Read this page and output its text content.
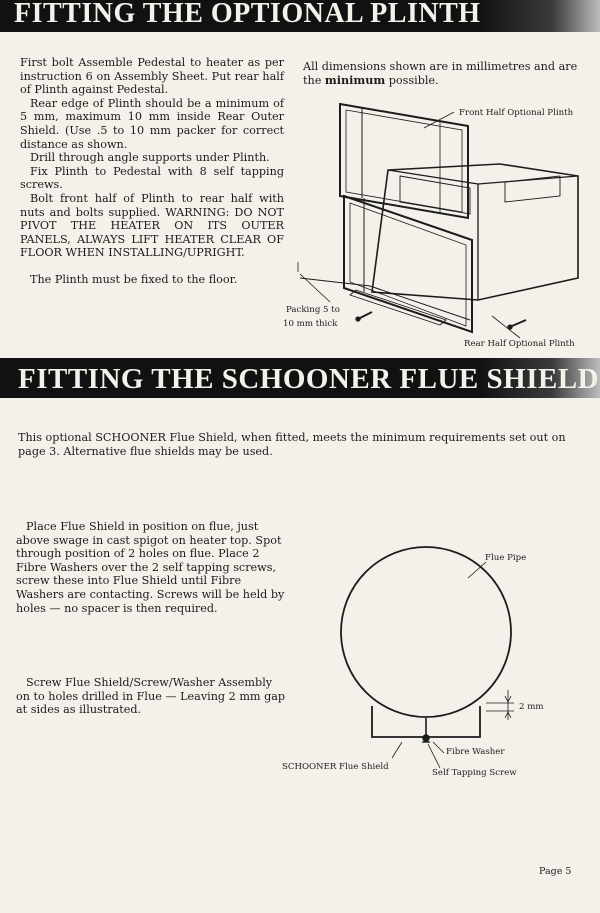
FITTING THE OPTIONAL PLINTH

First bolt Assemble Pedestal to heater as per instruction 6 on Assembly Sheet. Put rear half of Plinth against Pedestal.

Rear edge of Plinth should be a minimum of 5 mm, maximum 10 mm inside Rear Outer Shield. (Use .5 to 10 mm packer for correct distance as shown.

Drill through angle supports under Plinth.

Fix Plinth to Pedestal with 8 self tapping screws.

Bolt front half of Plinth to rear half with nuts and bolts supplied. WARNING: DO NOT PIVOT THE HEATER ON ITS OUTER PANELS, ALWAYS LIFT HEATER CLEAR OF FLOOR WHEN INSTALLING/UPRIGHT.

The Plinth must be fixed to the floor.

All dimensions shown are in millimetres and are the minimum possible.
Front Half Optional Plinth
Packing 5 to
10 mm thick
Rear Half Optional Plinth
FITTING THE SCHOONER FLUE SHIELD
This optional SCHOONER Flue Shield, when fitted, meets the minimum requirements set out on page 3. Alternative flue shields may be used.
Place Flue Shield in position on flue, just above swage in cast spigot on heater top. Spot through position of 2 holes on flue. Place 2 Fibre Washers over the 2 self tapping screws, screw these into Flue Shield until Fibre Washers are contacting. Screws will be held by holes — no spacer is then required.
Screw Flue Shield/Screw/Washer Assembly on to holes drilled in Flue — Leaving 2 mm gap at sides as illustrated.
Flue Pipe
2 mm
Fibre Washer
SCHOONER Flue Shield
Self Tapping Screw
Page 5
